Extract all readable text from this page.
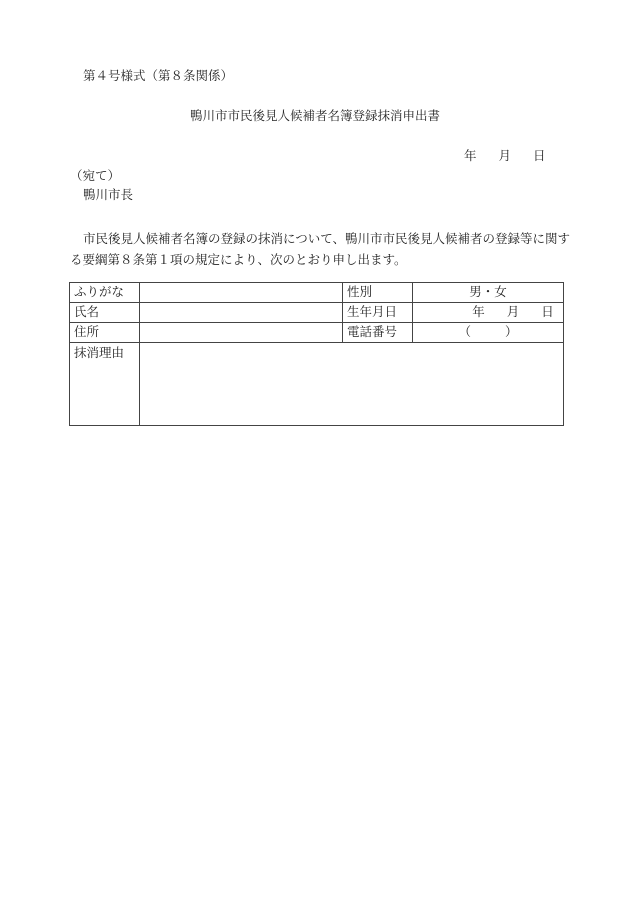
第４号様式（第８条関係）
鴨川市市民後見人候補者名簿登録抹消申出書
年 月 日
（宛て）
鴨川市長
市民後見人候補者名簿の登録の抹消について、鴨川市市民後見人候補者の登録等に関する要綱第８条第１項の規定により、次のとおり申し出ます。
ふりがな		性別	男・女
氏名		生年月日	年 月 日
住所		電話番号	（ ）
抹消理由			
